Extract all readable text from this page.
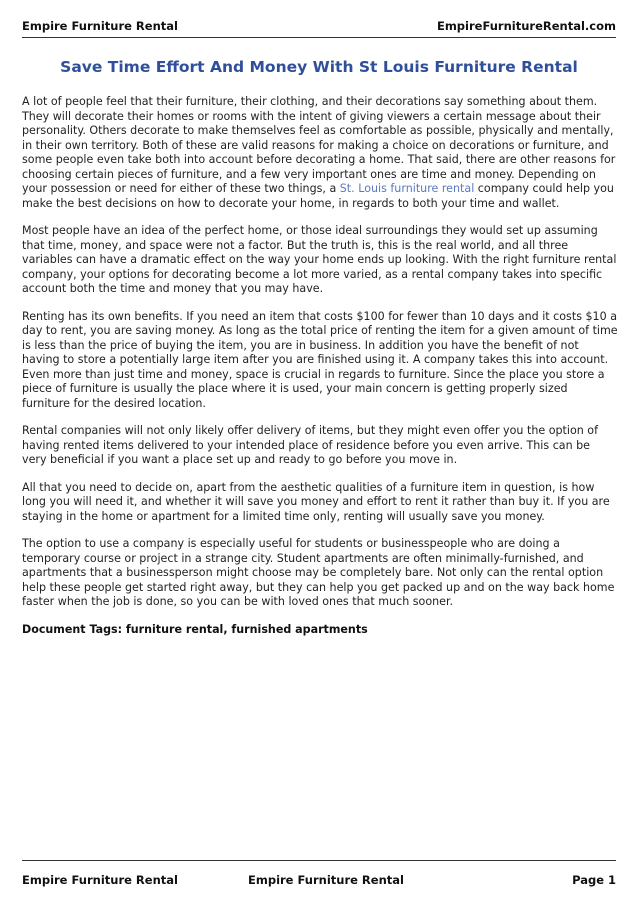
Empire Furniture Rental	EmpireFurnitureRental.com
Save Time Effort And Money With St Louis Furniture Rental

A lot of people feel that their furniture, their clothing, and their decorations say something about them. They will decorate their homes or rooms with the intent of giving viewers a certain message about their personality. Others decorate to make themselves feel as comfortable as possible, physically and mentally, in their own territory. Both of these are valid reasons for making a choice on decorations or furniture, and some people even take both into account before decorating a home. That said, there are other reasons for choosing certain pieces of furniture, and a few very important ones are time and money. Depending on your possession or need for either of these two things, a St. Louis furniture rental company could help you make the best decisions on how to decorate your home, in regards to both your time and wallet.

Most people have an idea of the perfect home, or those ideal surroundings they would set up assuming that time, money, and space were not a factor. But the truth is, this is the real world, and all three variables can have a dramatic effect on the way your home ends up looking. With the right furniture rental company, your options for decorating become a lot more varied, as a rental company takes into specific account both the time and money that you may have.

Renting has its own benefits. If you need an item that costs $100 for fewer than 10 days and it costs $10 a day to rent, you are saving money. As long as the total price of renting the item for a given amount of time is less than the price of buying the item, you are in business. In addition you have the benefit of not having to store a potentially large item after you are finished using it. A company takes this into account. Even more than just time and money, space is crucial in regards to furniture. Since the place you store a piece of furniture is usually the place where it is used, your main concern is getting properly sized furniture for the desired location.

Rental companies will not only likely offer delivery of items, but they might even offer you the option of having rented items delivered to your intended place of residence before you even arrive. This can be very beneficial if you want a place set up and ready to go before you move in.

All that you need to decide on, apart from the aesthetic qualities of a furniture item in question, is how long you will need it, and whether it will save you money and effort to rent it rather than buy it. If you are staying in the home or apartment for a limited time only, renting will usually save you money.

The option to use a company is especially useful for students or businesspeople who are doing a temporary course or project in a strange city. Student apartments are often minimally-furnished, and apartments that a businessperson might choose may be completely bare. Not only can the rental option help these people get started right away, but they can help you get packed up and on the way back home faster when the job is done, so you can be with loved ones that much sooner.

Document Tags: furniture rental, furnished apartments
Empire Furniture Rental	Empire Furniture Rental	Page 1
